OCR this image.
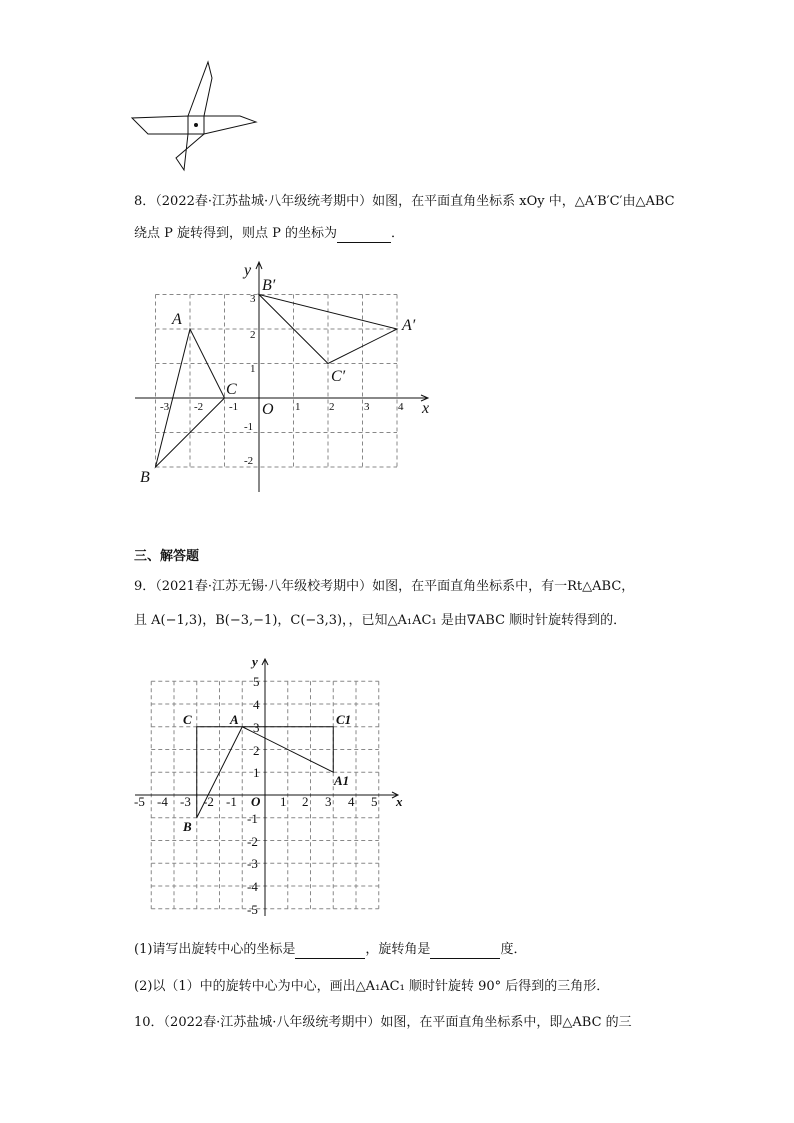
8．（2022春·江苏盐城·八年级统考期中）如图，在平面直角坐标系 xOy 中，△A′B′C′由△ABC
绕点 P 旋转得到，则点 P 的坐标为	．
-3 -2 -1	1	2	3	4
3
2
1
-1
-2
x
y
O
A
B
C
A′
B′
C′
三、解答题
9．（2021春·江苏无锡·八年级校考期中）如图，在平面直角坐标系中，有一Rt△ABC，
且 A(−1,3)，B(−3,−1)，C(−3,3)，，已知△A₁AC₁ 是由∇ABC 顺时针旋转得到的．
-5 -4 -3 -2 -1	1 2 3 4 5
5
4
3
2
1
-1
-2
-3
-4
-5
x
y
O
A
B
C	C1
A1
(1)请写出旋转中心的坐标是	，旋转角是	度．
(2)以（1）中的旋转中心为中心，画出△A₁AC₁ 顺时针旋转 90° 后得到的三角形．
10．（2022春·江苏盐城·八年级统考期中）如图，在平面直角坐标系中，即△ABC 的三
